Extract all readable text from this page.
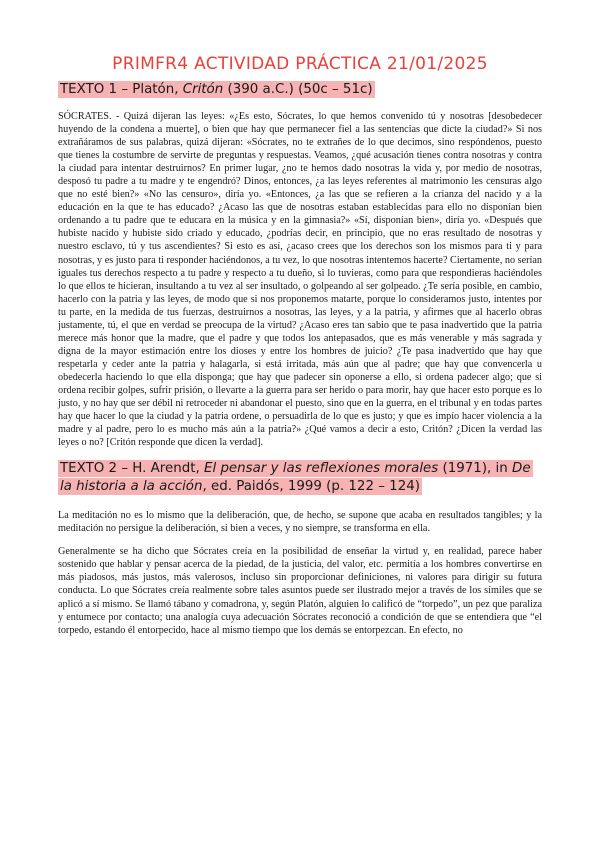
PRIMFR4 ACTIVIDAD PRÁCTICA 21/01/2025
TEXTO 1 – Platón, Critón (390 a.C.) (50c – 51c)

SÓCRATES. - Quizá dijeran las leyes: «¿Es esto, Sócrates, lo que hemos convenido tú y nosotras [desobedecer huyendo de la condena a muerte], o bien que hay que permanecer fiel a las sentencias que dicte la ciudad?» Si nos extrañáramos de sus palabras, quizá dijeran: «Sócrates, no te extrañes de lo que decimos, sino respóndenos, puesto que tienes la costumbre de servirte de preguntas y respuestas. Veamos, ¿qué acusación tienes contra nosotras y contra la ciudad para intentar destruirnos? En primer lugar, ¿no te hemos dado nosotras la vida y, por medio de nosotras, desposó tu padre a tu madre y te engendró? Dinos, entonces, ¿a las leyes referentes al matrimonio les censuras algo que no esté bien?» «No las censuro», diría yo. «Entonces, ¿a las que se refieren a la crianza del nacido y a la educación en la que te has educado? ¿Acaso las que de nosotras estaban establecidas para ello no disponían bien ordenando a tu padre que te educara en la música y en la gimnasia?» «Sí, disponían bien», diría yo. «Después que hubiste nacido y hubiste sido criado y educado, ¿podrías decir, en principio, que no eras resultado de nosotras y nuestro esclavo, tú y tus ascendientes? Si esto es así, ¿acaso crees que los derechos son los mismos para ti y para nosotras, y es justo para ti responder haciéndonos, a tu vez, lo que nosotras intentemos hacerte? Ciertamente, no serían iguales tus derechos respecto a tu padre y respecto a tu dueño, si lo tuvieras, como para que respondieras haciéndoles lo que ellos te hicieran, insultando a tu vez al ser insultado, o golpeando al ser golpeado. ¿Te sería posible, en cambio, hacerlo con la patria y las leyes, de modo que si nos proponemos matarte, porque lo consideramos justo, intentes por tu parte, en la medida de tus fuerzas, destruirnos a nosotras, las leyes, y a la patria, y afirmes que al hacerlo obras justamente, tú, el que en verdad se preocupa de la virtud? ¿Acaso eres tan sabio que te pasa inadvertido que la patria merece más honor que la madre, que el padre y que todos los antepasados, que es más venerable y más sagrada y digna de la mayor estimación entre los dioses y entre los hombres de juicio? ¿Te pasa inadvertido que hay que respetarla y ceder ante la patria y halagarla, si está irritada, más aún que al padre; que hay que convencerla u obedecerla haciendo lo que ella disponga; que hay que padecer sin oponerse a ello, si ordena padecer algo; que si ordena recibir golpes, sufrir prisión, o llevarte a la guerra para ser herido o para morir, hay que hacer esto porque es lo justo, y no hay que ser débil ni retroceder ni abandonar el puesto, sino que en la guerra, en el tribunal y en todas partes hay que hacer lo que la ciudad y la patria ordene, o persuadirla de lo que es justo; y que es impío hacer violencia a la madre y al padre, pero lo es mucho más aún a la patria?» ¿Qué vamos a decir a esto, Critón? ¿Dicen la verdad las leyes o no? [Critón responde que dicen la verdad].

TEXTO 2 – H. Arendt, El pensar y las reflexiones morales (1971), in De la historia a la acción, ed. Paidós, 1999 (p. 122 – 124)

La meditación no es lo mismo que la deliberación, que, de hecho, se supone que acaba en resultados tangibles; y la meditación no persigue la deliberación, si bien a veces, y no siempre, se transforma en ella.

Generalmente se ha dicho que Sócrates creía en la posibilidad de enseñar la virtud y, en realidad, parece haber sostenido que hablar y pensar acerca de la piedad, de la justicia, del valor, etc. permitía a los hombres convertirse en más piadosos, más justos, más valerosos, incluso sin proporcionar definiciones, ni valores para dirigir su futura conducta. Lo que Sócrates creía realmente sobre tales asuntos puede ser ilustrado mejor a través de los símiles que se aplicó a sí mismo. Se llamó tábano y comadrona, y, según Platón, alguien lo calificó de “torpedo”, un pez que paraliza y entumece por contacto; una analogía cuya adecuación Sócrates reconoció a condición de que se entendiera que “el torpedo, estando él entorpecido, hace al mismo tiempo que los demás se entorpezcan. En efecto, no
